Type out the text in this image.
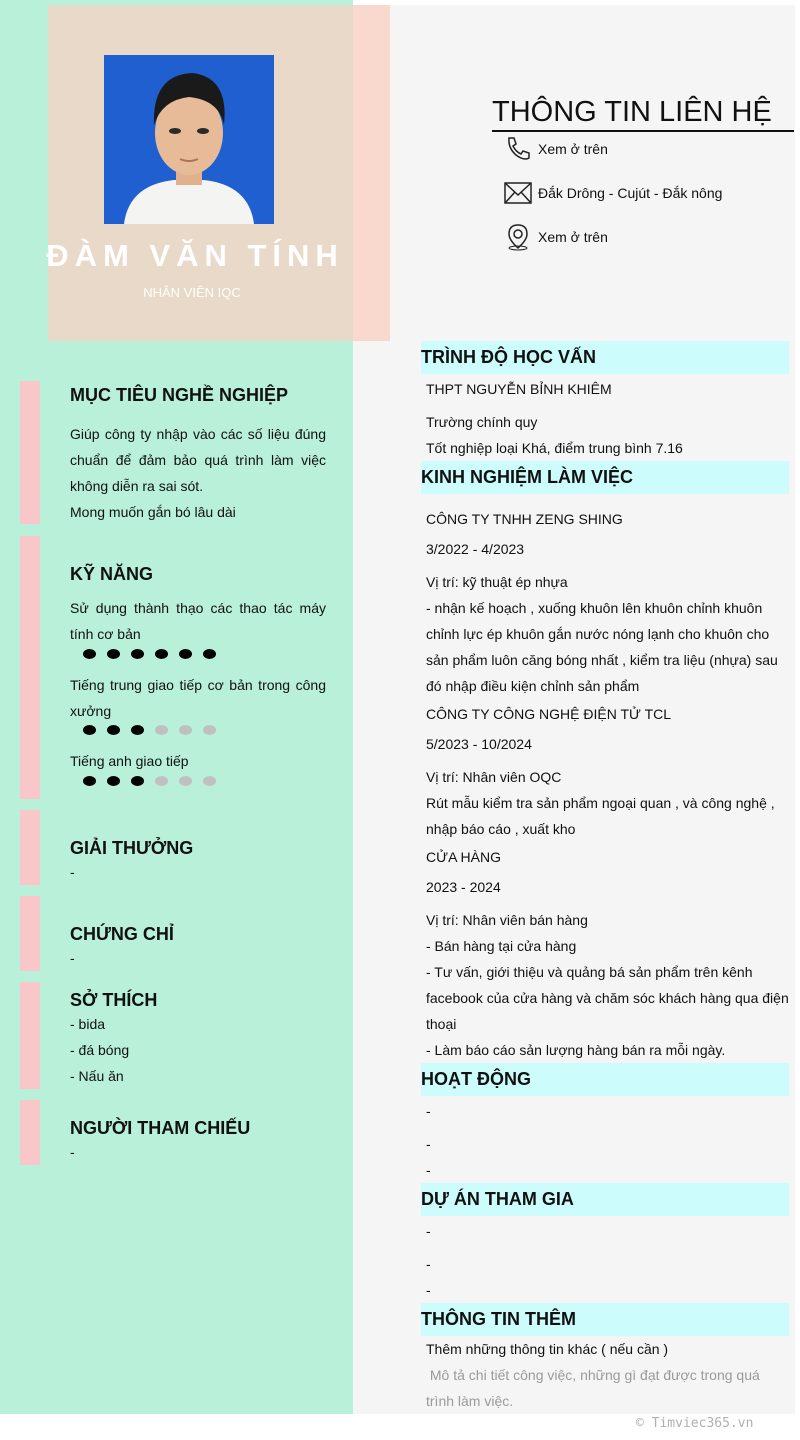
ĐÀM VĂN TÍNH
NHÂN VIÊN IQC
THÔNG TIN LIÊN HỆ
Xem ở trên
Đắk Drông - Cujút - Đắk nông
Xem ở trên
MỤC TIÊU NGHỀ NGHIỆP
Giúp công ty nhập vào các số liệu đúng chuẩn để đảm bảo quá trình làm việc không diễn ra sai sót.
Mong muốn gắn bó lâu dài
KỸ NĂNG
Sử dụng thành thạo các thao tác máy tính cơ bản
Tiếng trung giao tiếp cơ bản trong công xưởng
Tiếng anh giao tiếp
GIẢI THƯỞNG
-
CHỨNG CHỈ
-
SỞ THÍCH
- bida
- đá bóng
- Nấu ăn
NGƯỜI THAM CHIẾU
-
TRÌNH ĐỘ HỌC VẤN
THPT NGUYỄN BỈNH KHIÊM
Trường chính quy
Tốt nghiệp loại Khá, điểm trung bình 7.16
KINH NGHIỆM LÀM VIỆC
CÔNG TY TNHH ZENG SHING
3/2022 - 4/2023
Vị trí: kỹ thuật ép nhựa
- nhận kế hoạch , xuống khuôn lên khuôn chỉnh khuôn chỉnh lực ép khuôn gắn nước nóng lạnh cho khuôn cho sản phẩm luôn căng bóng nhất , kiểm tra liệu (nhựa) sau đó nhập điều kiện chỉnh sản phẩm
CÔNG TY CÔNG NGHỆ ĐIỆN TỬ TCL
5/2023 - 10/2024
Vị trí: Nhân viên OQC
Rút mẫu kiểm tra sản phẩm ngoại quan , và công nghệ , nhập báo cáo , xuất kho
CỬA HÀNG
2023 - 2024
Vị trí: Nhân viên bán hàng
- Bán hàng tại cửa hàng
- Tư vấn, giới thiệu và quảng bá sản phẩm trên kênh facebook của cửa hàng và chăm sóc khách hàng qua điện thoại
- Làm báo cáo sản lượng hàng bán ra mỗi ngày.
HOẠT ĐỘNG
-
-
-
DỰ ÁN THAM GIA
-
-
-
THÔNG TIN THÊM
Thêm những thông tin khác ( nếu cần )
Mô tả chi tiết công việc, những gì đạt được trong quá trình làm việc.
© Timviec365.vn
